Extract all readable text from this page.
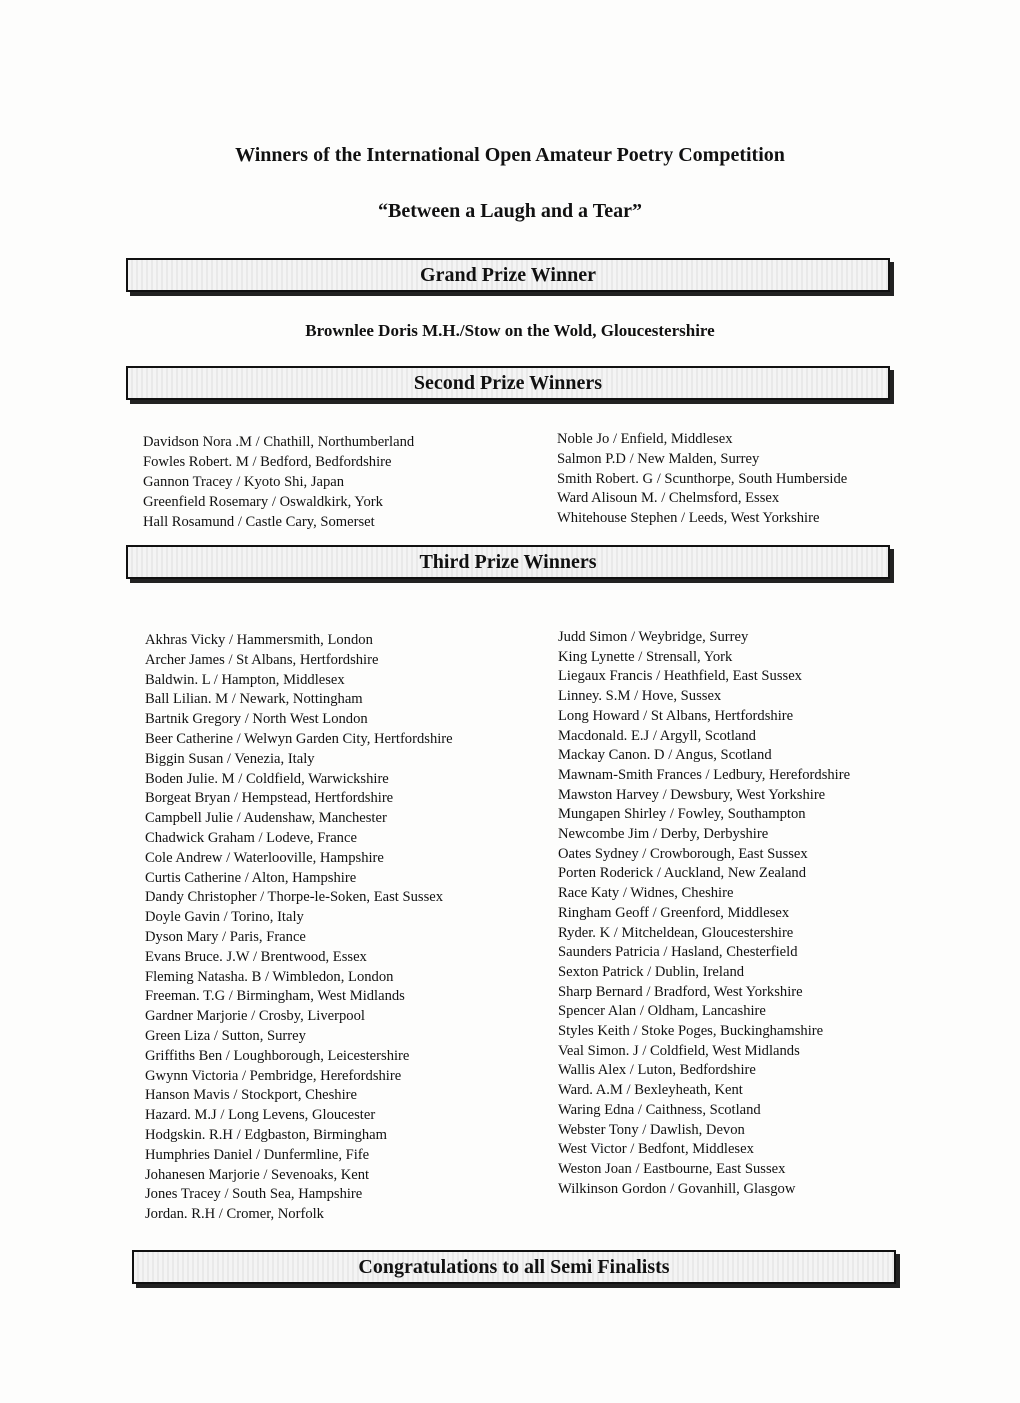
Winners of the International Open Amateur Poetry Competition
“Between a Laugh and a Tear”
Grand Prize Winner

Brownlee Doris M.H./Stow on the Wold, Gloucestershire

Second Prize Winners
Davidson Nora .M / Chathill, Northumberland
Fowles Robert. M / Bedford, Bedfordshire
Gannon Tracey / Kyoto Shi, Japan
Greenfield Rosemary / Oswaldkirk, York
Hall Rosamund / Castle Cary, Somerset
Noble Jo / Enfield, Middlesex
Salmon P.D / New Malden, Surrey
Smith Robert. G / Scunthorpe, South Humberside
Ward Alisoun M. / Chelmsford, Essex
Whitehouse Stephen / Leeds, West Yorkshire
Third Prize Winners
Akhras Vicky / Hammersmith, London
Archer James / St Albans, Hertfordshire
Baldwin. L / Hampton, Middlesex
Ball Lilian. M / Newark, Nottingham
Bartnik Gregory / North West London
Beer Catherine / Welwyn Garden City, Hertfordshire
Biggin Susan / Venezia, Italy
Boden Julie. M / Coldfield, Warwickshire
Borgeat Bryan / Hempstead, Hertfordshire
Campbell Julie / Audenshaw, Manchester
Chadwick Graham / Lodeve, France
Cole Andrew / Waterlooville, Hampshire
Curtis Catherine / Alton, Hampshire
Dandy Christopher / Thorpe-le-Soken, East Sussex
Doyle Gavin / Torino, Italy
Dyson Mary / Paris, France
Evans Bruce. J.W / Brentwood, Essex
Fleming Natasha. B / Wimbledon, London
Freeman. T.G / Birmingham, West Midlands
Gardner Marjorie / Crosby, Liverpool
Green Liza / Sutton, Surrey
Griffiths Ben / Loughborough, Leicestershire
Gwynn Victoria / Pembridge, Herefordshire
Hanson Mavis / Stockport, Cheshire
Hazard. M.J / Long Levens, Gloucester
Hodgskin. R.H / Edgbaston, Birmingham
Humphries Daniel / Dunfermline, Fife
Johanesen Marjorie / Sevenoaks, Kent
Jones Tracey / South Sea, Hampshire
Jordan. R.H / Cromer, Norfolk
Judd Simon / Weybridge, Surrey
King Lynette / Strensall, York
Liegaux Francis / Heathfield, East Sussex
Linney. S.M / Hove, Sussex
Long Howard / St Albans, Hertfordshire
Macdonald. E.J / Argyll, Scotland
Mackay Canon. D / Angus, Scotland
Mawnam-Smith Frances / Ledbury, Herefordshire
Mawston Harvey / Dewsbury, West Yorkshire
Mungapen Shirley / Fowley, Southampton
Newcombe Jim / Derby, Derbyshire
Oates Sydney / Crowborough, East Sussex
Porten Roderick / Auckland, New Zealand
Race Katy / Widnes, Cheshire
Ringham Geoff / Greenford, Middlesex
Ryder. K / Mitcheldean, Gloucestershire
Saunders Patricia / Hasland, Chesterfield
Sexton Patrick / Dublin, Ireland
Sharp Bernard / Bradford, West Yorkshire
Spencer Alan / Oldham, Lancashire
Styles Keith / Stoke Poges, Buckinghamshire
Veal Simon. J / Coldfield, West Midlands
Wallis Alex / Luton, Bedfordshire
Ward. A.M / Bexleyheath, Kent
Waring Edna / Caithness, Scotland
Webster Tony / Dawlish, Devon
West Victor / Bedfont, Middlesex
Weston Joan / Eastbourne, East Sussex
Wilkinson Gordon / Govanhill, Glasgow
Congratulations to all Semi Finalists
